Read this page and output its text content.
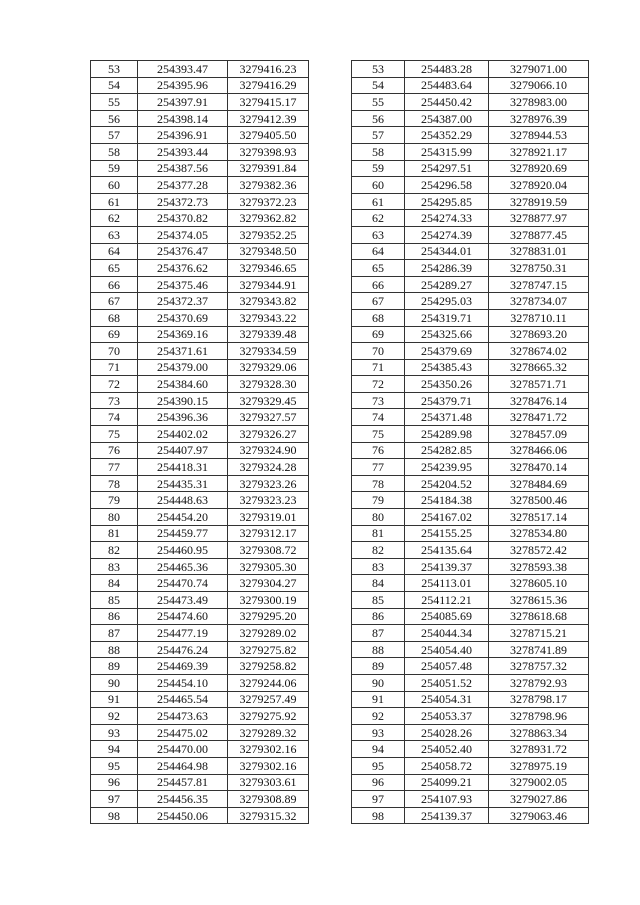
53	254393.47	3279416.23
54	254395.96	3279416.29
55	254397.91	3279415.17
56	254398.14	3279412.39
57	254396.91	3279405.50
58	254393.44	3279398.93
59	254387.56	3279391.84
60	254377.28	3279382.36
61	254372.73	3279372.23
62	254370.82	3279362.82
63	254374.05	3279352.25
64	254376.47	3279348.50
65	254376.62	3279346.65
66	254375.46	3279344.91
67	254372.37	3279343.82
68	254370.69	3279343.22
69	254369.16	3279339.48
70	254371.61	3279334.59
71	254379.00	3279329.06
72	254384.60	3279328.30
73	254390.15	3279329.45
74	254396.36	3279327.57
75	254402.02	3279326.27
76	254407.97	3279324.90
77	254418.31	3279324.28
78	254435.31	3279323.26
79	254448.63	3279323.23
80	254454.20	3279319.01
81	254459.77	3279312.17
82	254460.95	3279308.72
83	254465.36	3279305.30
84	254470.74	3279304.27
85	254473.49	3279300.19
86	254474.60	3279295.20
87	254477.19	3279289.02
88	254476.24	3279275.82
89	254469.39	3279258.82
90	254454.10	3279244.06
91	254465.54	3279257.49
92	254473.63	3279275.92
93	254475.02	3279289.32
94	254470.00	3279302.16
95	254464.98	3279302.16
96	254457.81	3279303.61
97	254456.35	3279308.89
98	254450.06	3279315.32
53	254483.28	3279071.00
54	254483.64	3279066.10
55	254450.42	3278983.00
56	254387.00	3278976.39
57	254352.29	3278944.53
58	254315.99	3278921.17
59	254297.51	3278920.69
60	254296.58	3278920.04
61	254295.85	3278919.59
62	254274.33	3278877.97
63	254274.39	3278877.45
64	254344.01	3278831.01
65	254286.39	3278750.31
66	254289.27	3278747.15
67	254295.03	3278734.07
68	254319.71	3278710.11
69	254325.66	3278693.20
70	254379.69	3278674.02
71	254385.43	3278665.32
72	254350.26	3278571.71
73	254379.71	3278476.14
74	254371.48	3278471.72
75	254289.98	3278457.09
76	254282.85	3278466.06
77	254239.95	3278470.14
78	254204.52	3278484.69
79	254184.38	3278500.46
80	254167.02	3278517.14
81	254155.25	3278534.80
82	254135.64	3278572.42
83	254139.37	3278593.38
84	254113.01	3278605.10
85	254112.21	3278615.36
86	254085.69	3278618.68
87	254044.34	3278715.21
88	254054.40	3278741.89
89	254057.48	3278757.32
90	254051.52	3278792.93
91	254054.31	3278798.17
92	254053.37	3278798.96
93	254028.26	3278863.34
94	254052.40	3278931.72
95	254058.72	3278975.19
96	254099.21	3279002.05
97	254107.93	3279027.86
98	254139.37	3279063.46
